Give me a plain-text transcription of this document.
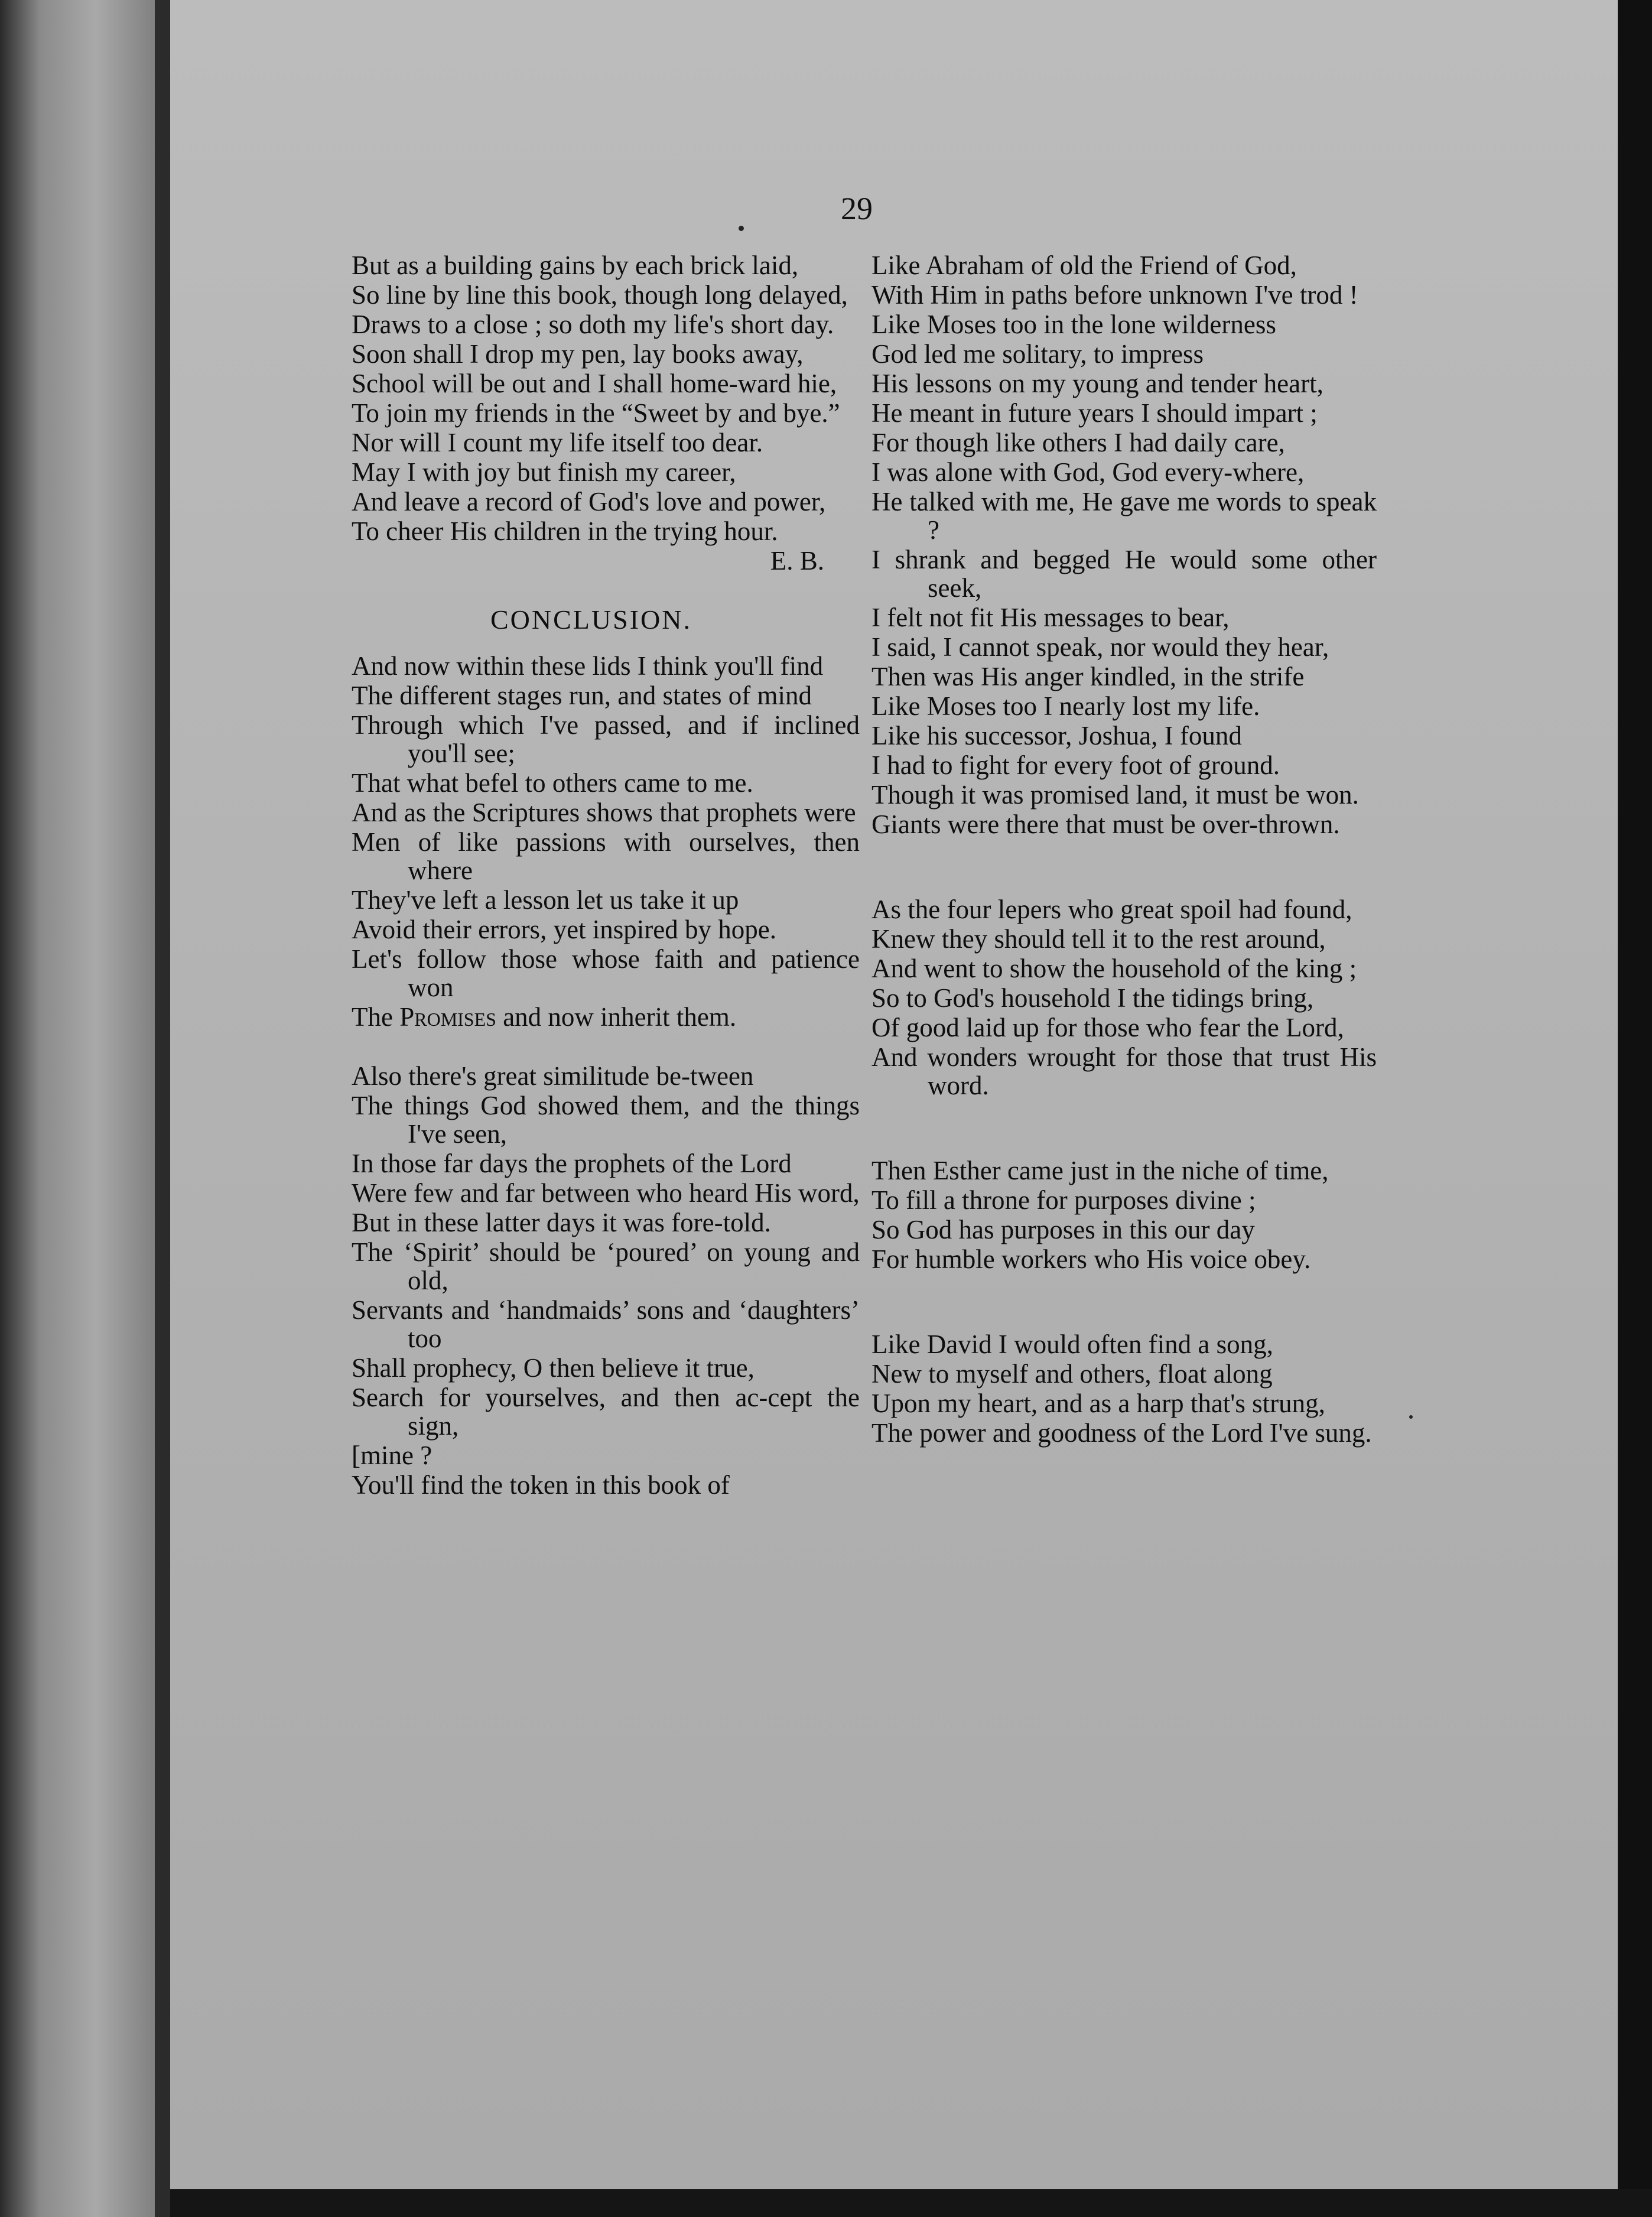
29
But as a building gains by each brick laid,
So line by line this book, though long delayed,
Draws to a close ; so doth my life's short day.
Soon shall I drop my pen, lay books away,
School will be out and I shall home-ward hie,
To join my friends in the “Sweet by and bye.”
Nor will I count my life itself too dear.
May I with joy but finish my career,
And leave a record of God's love and power,
To cheer His children in the trying hour.
E. B.
CONCLUSION.
And now within these lids I think you'll find
The different stages run, and states of mind
Through which I've passed, and if inclined you'll see;
That what befel to others came to me.
And as the Scriptures shows that prophets were
Men of like passions with ourselves, then where
They've left a lesson let us take it up
Avoid their errors, yet inspired by hope.
Let's follow those whose faith and patience won
The Promises and now inherit them.
Also there's great similitude be-tween
The things God showed them, and the things I've seen,
In those far days the prophets of the Lord
Were few and far between who heard His word,
But in these latter days it was fore-told.
The ‘Spirit’ should be ‘poured’ on young and old,
Servants and ‘handmaids’ sons and ‘daughters’ too
Shall prophecy, O then believe it true,
Search for yourselves, and then ac-cept the sign,
[mine ?
You'll find the token in this book of
Like Abraham of old the Friend of God,
With Him in paths before unknown I've trod !
Like Moses too in the lone wilderness
God led me solitary, to impress
His lessons on my young and tender heart,
He meant in future years I should impart ;
For though like others I had daily care,
I was alone with God, God every-where,
He talked with me, He gave me words to speak ?
I shrank and begged He would some other seek,
I felt not fit His messages to bear,
I said, I cannot speak, nor would they hear,
Then was His anger kindled, in the strife
Like Moses too I nearly lost my life.
Like his successor, Joshua, I found
I had to fight for every foot of ground.
Though it was promised land, it must be won.
Giants were there that must be over-thrown.
As the four lepers who great spoil had found,
Knew they should tell it to the rest around,
And went to show the household of the king ;
So to God's household I the tidings bring,
Of good laid up for those who fear the Lord,
And wonders wrought for those that trust His word.
Then Esther came just in the niche of time,
To fill a throne for purposes divine ;
So God has purposes in this our day
For humble workers who His voice obey.
Like David I would often find a song,
New to myself and others, float along
Upon my heart, and as a harp that's strung,
The power and goodness of the Lord I've sung.
